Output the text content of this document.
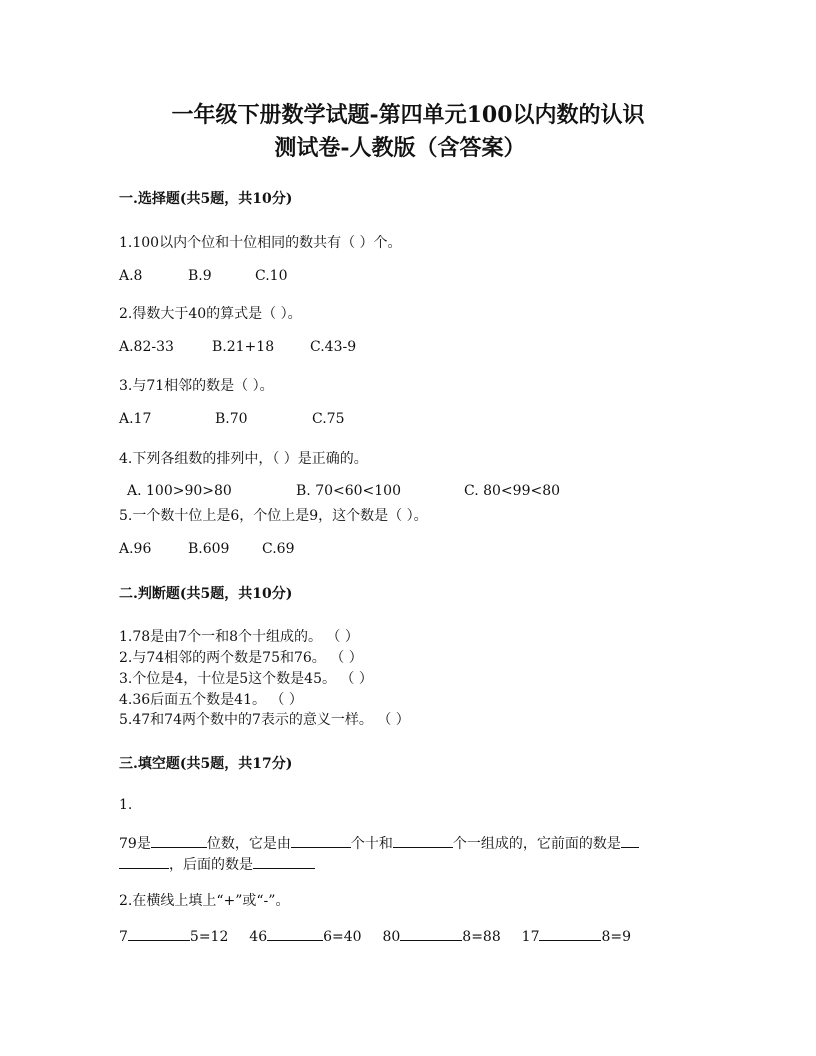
一年级下册数学试题-第四单元100以内数的认识
测试卷-人教版（含答案）
一.选择题(共5题，共10分)
1.100以内个位和十位相同的数共有（ ）个。
A.8	B.9	C.10
2.得数大于40的算式是（ ）。
A.82-33	B.21+18	C.43-9
3.与71相邻的数是（ ）。
A.17	B.70	C.75
4.下列各组数的排列中，（ ）是正确的。
A. 100>90>80	B. 70<60<100	C. 80<99<80
5.一个数十位上是6，个位上是9，这个数是（ ）。
A.96	B.609 C.69
二.判断题(共5题，共10分)
1.78是由7个一和8个十组成的。 （ ）
2.与74相邻的两个数是75和76。 （ ）
3.个位是4，十位是5这个数是45。 （ ）
4.36后面五个数是41。 （ ）
5.47和74两个数中的7表示的意义一样。 （ ）
三.填空题(共5题，共17分)
1.
79是	位数，它是由	个十和	个一组成的，它前面的数是
，后面的数是
2.在横线上填上“+”或“-”。
7	5=12 46	6=40 80	8=88 17	8=9
